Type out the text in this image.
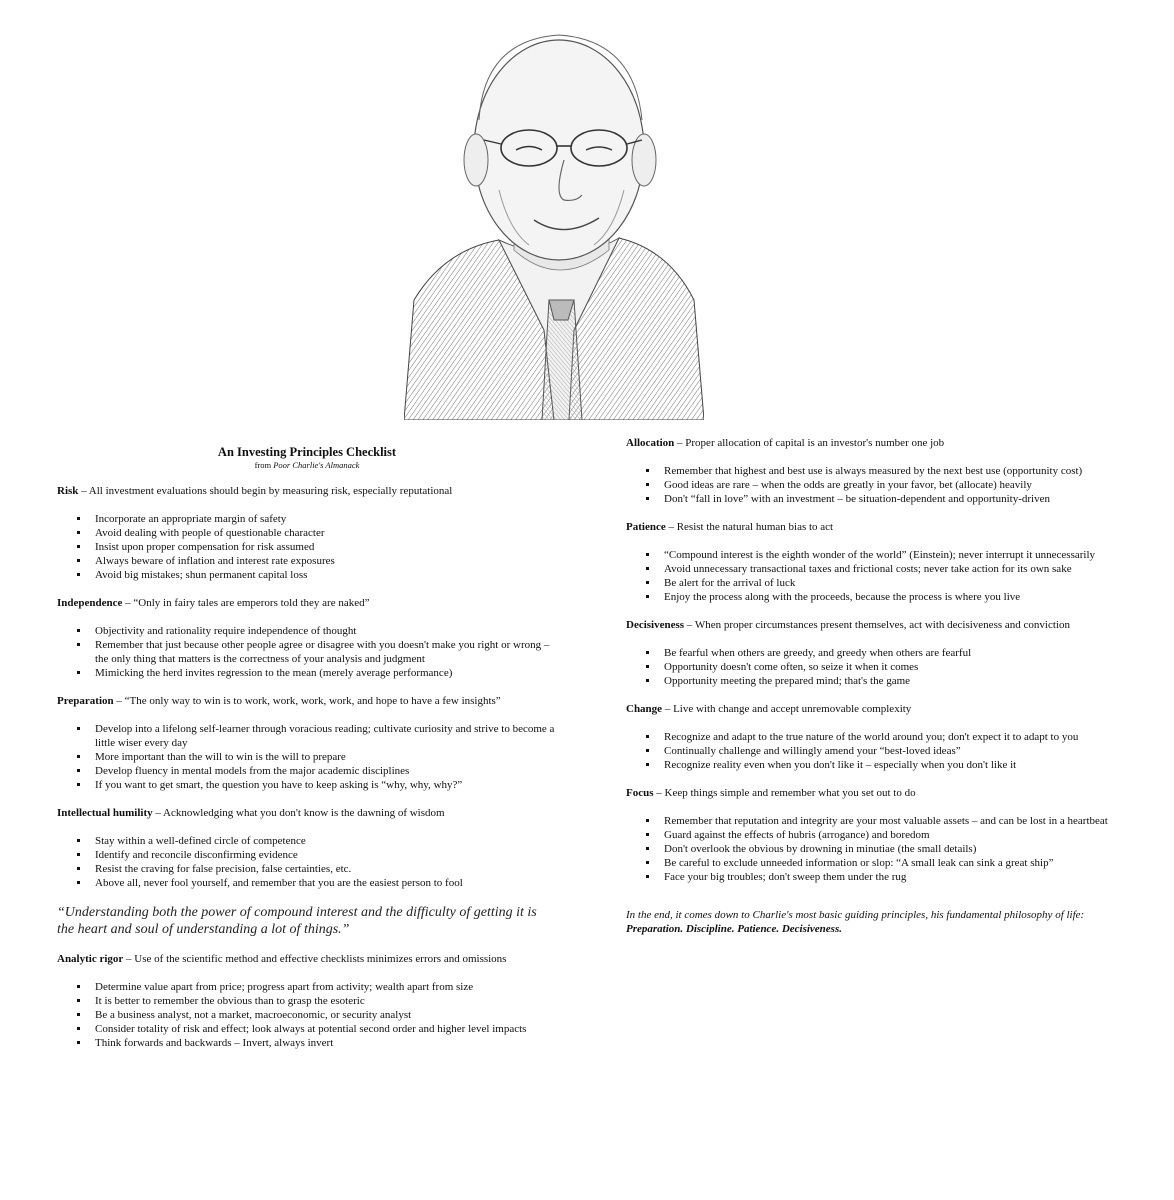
An Investing Principles Checklist

from Poor Charlie's Almanack

Risk – All investment evaluations should begin by measuring risk, especially reputational

Incorporate an appropriate margin of safety
Avoid dealing with people of questionable character
Insist upon proper compensation for risk assumed
Always beware of inflation and interest rate exposures
Avoid big mistakes; shun permanent capital loss

Independence – “Only in fairy tales are emperors told they are naked”

Objectivity and rationality require independence of thought
Remember that just because other people agree or disagree with you doesn't make you right or wrong – the only thing that matters is the correctness of your analysis and judgment
Mimicking the herd invites regression to the mean (merely average performance)

Preparation – “The only way to win is to work, work, work, work, and hope to have a few insights”

Develop into a lifelong self-learner through voracious reading; cultivate curiosity and strive to become a little wiser every day
More important than the will to win is the will to prepare
Develop fluency in mental models from the major academic disciplines
If you want to get smart, the question you have to keep asking is “why, why, why?”

Intellectual humility – Acknowledging what you don't know is the dawning of wisdom

Stay within a well-defined circle of competence
Identify and reconcile disconfirming evidence
Resist the craving for false precision, false certainties, etc.
Above all, never fool yourself, and remember that you are the easiest person to fool

“Understanding both the power of compound interest and the difficulty of getting it is the heart and soul of understanding a lot of things.”

Analytic rigor – Use of the scientific method and effective checklists minimizes errors and omissions

Determine value apart from price; progress apart from activity; wealth apart from size
It is better to remember the obvious than to grasp the esoteric
Be a business analyst, not a market, macroeconomic, or security analyst
Consider totality of risk and effect; look always at potential second order and higher level impacts
Think forwards and backwards – Invert, always invert

Allocation – Proper allocation of capital is an investor's number one job

Remember that highest and best use is always measured by the next best use (opportunity cost)
Good ideas are rare – when the odds are greatly in your favor, bet (allocate) heavily
Don't “fall in love” with an investment – be situation-dependent and opportunity-driven

Patience – Resist the natural human bias to act

“Compound interest is the eighth wonder of the world” (Einstein); never interrupt it unnecessarily
Avoid unnecessary transactional taxes and frictional costs; never take action for its own sake
Be alert for the arrival of luck
Enjoy the process along with the proceeds, because the process is where you live

Decisiveness – When proper circumstances present themselves, act with decisiveness and conviction

Be fearful when others are greedy, and greedy when others are fearful
Opportunity doesn't come often, so seize it when it comes
Opportunity meeting the prepared mind; that's the game

Change – Live with change and accept unremovable complexity

Recognize and adapt to the true nature of the world around you; don't expect it to adapt to you
Continually challenge and willingly amend your “best-loved ideas”
Recognize reality even when you don't like it – especially when you don't like it

Focus – Keep things simple and remember what you set out to do

Remember that reputation and integrity are your most valuable assets – and can be lost in a heartbeat
Guard against the effects of hubris (arrogance) and boredom
Don't overlook the obvious by drowning in minutiae (the small details)
Be careful to exclude unneeded information or slop: “A small leak can sink a great ship”
Face your big troubles; don't sweep them under the rug

In the end, it comes down to Charlie's most basic guiding principles, his fundamental philosophy of life: Preparation. Discipline. Patience. Decisiveness.
